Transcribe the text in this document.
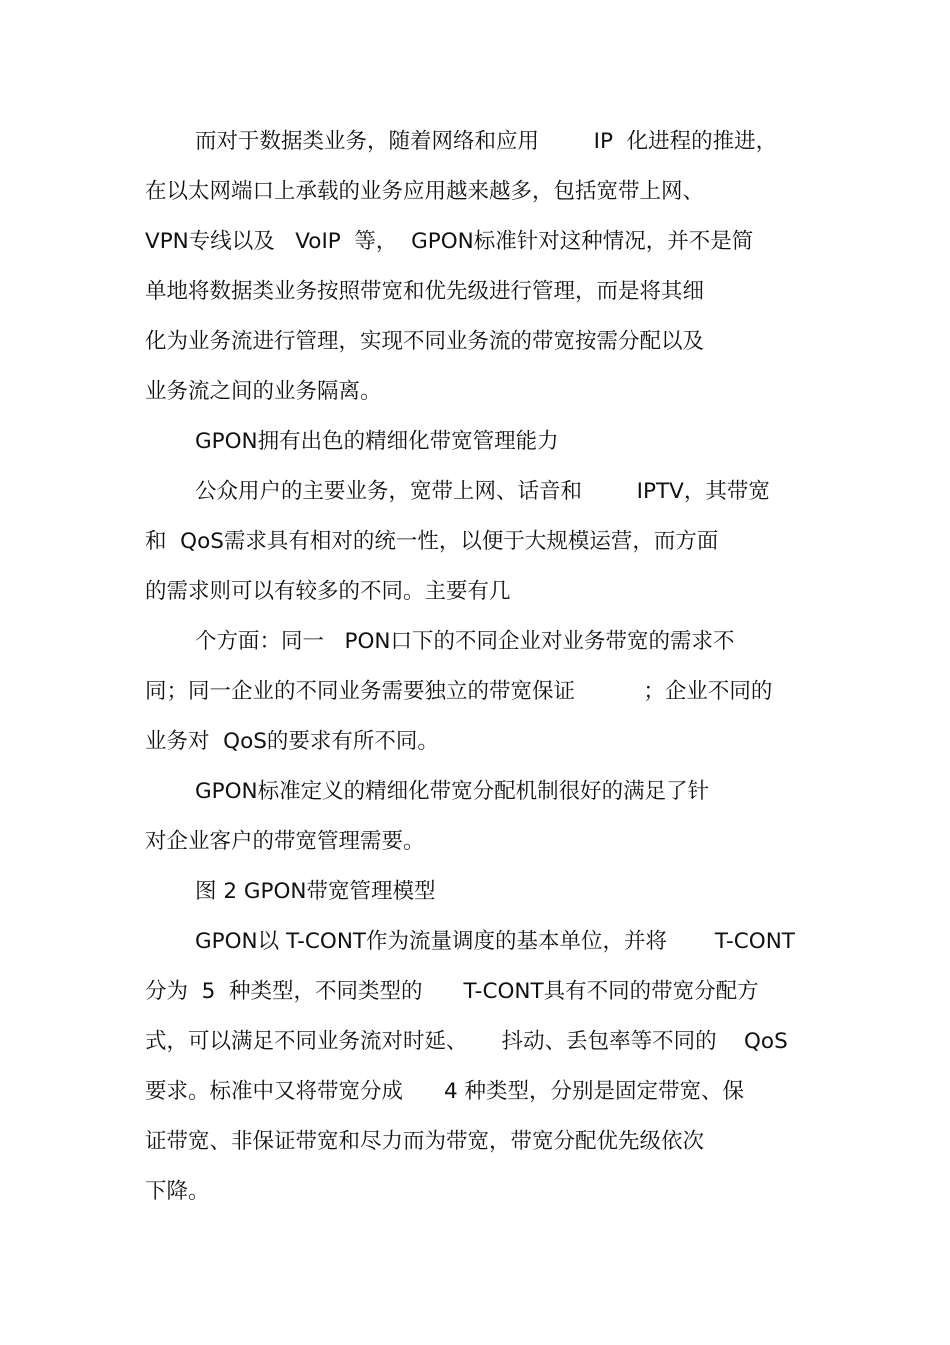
而对于数据类业务，随着网络和应用        IP  化进程的推进，
在以太网端口上承载的业务应用越来越多，包括宽带上网、
VPN专线以及   VoIP  等，  GPON标准针对这种情况，并不是简
单地将数据类业务按照带宽和优先级进行管理，而是将其细
化为业务流进行管理，实现不同业务流的带宽按需分配以及
业务流之间的业务隔离。
GPON拥有出色的精细化带宽管理能力
公众用户的主要业务，宽带上网、话音和        IPTV，其带宽
和  QoS需求具有相对的统一性，以便于大规模运营，而方面
的需求则可以有较多的不同。主要有几
个方面：同一   PON口下的不同企业对业务带宽的需求不
同；同一企业的不同业务需要独立的带宽保证          ；企业不同的
业务对  QoS的要求有所不同。
GPON标准定义的精细化带宽分配机制很好的满足了针
对企业客户的带宽管理需要。
图 2 GPON带宽管理模型
GPON以 T-CONT作为流量调度的基本单位，并将       T-CONT
分为  5  种类型，不同类型的      T-CONT具有不同的带宽分配方
式，可以满足不同业务流对时延、     抖动、丢包率等不同的    QoS
要求。标准中又将带宽分成      4 种类型，分别是固定带宽、保
证带宽、非保证带宽和尽力而为带宽，带宽分配优先级依次
下降。
